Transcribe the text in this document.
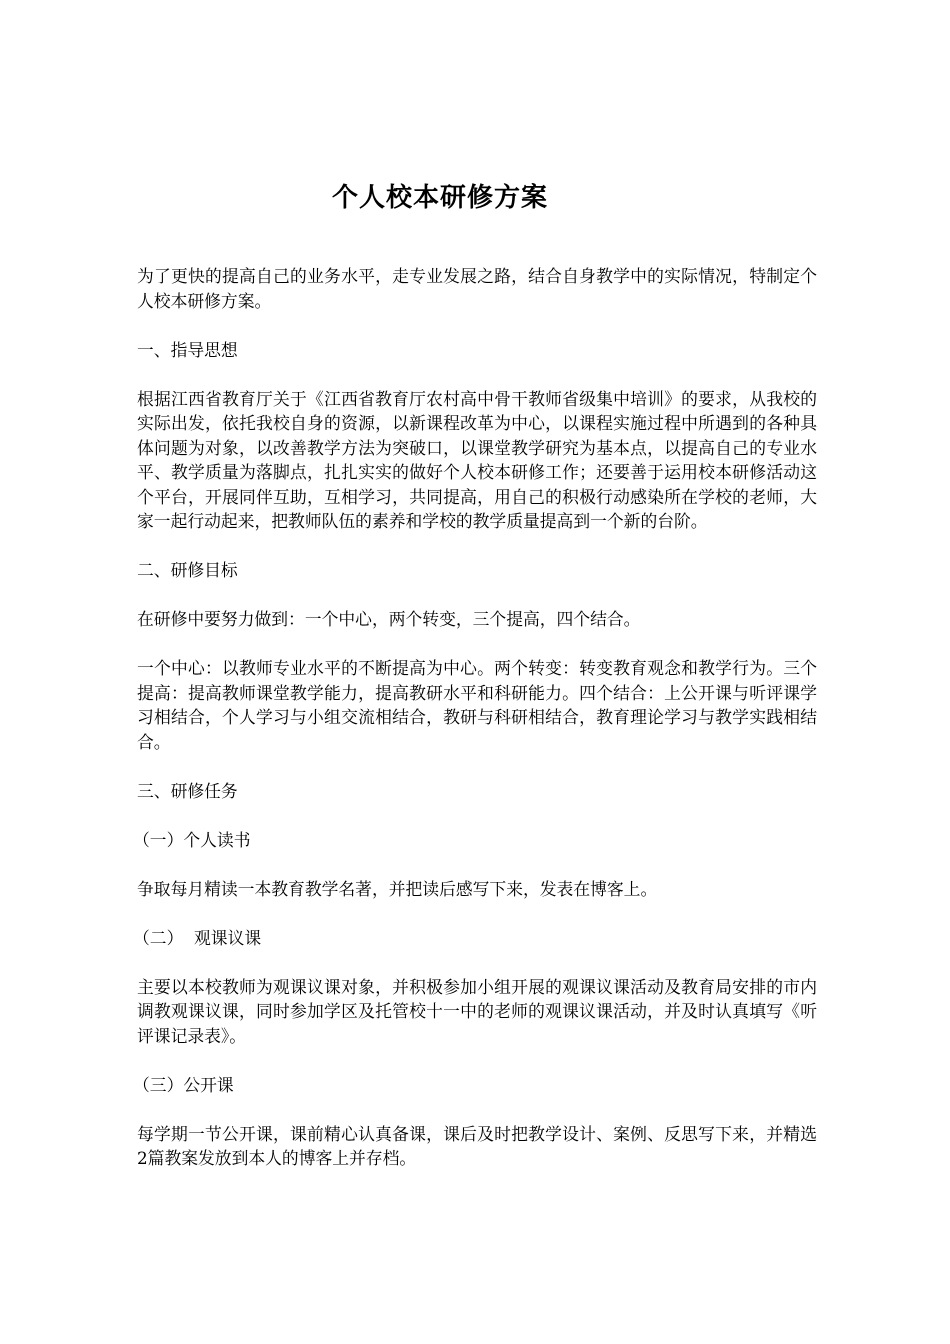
个人校本研修方案

为了更快的提高自己的业务水平，走专业发展之路，结合自身教学中的实际情况，特制定个人校本研修方案。

一、指导思想

根据江西省教育厅关于《江西省教育厅农村高中骨干教师省级集中培训》的要求，从我校的实际出发，依托我校自身的资源，以新课程改革为中心，以课程实施过程中所遇到的各种具体问题为对象，以改善教学方法为突破口，以课堂教学研究为基本点，以提高自己的专业水平、教学质量为落脚点，扎扎实实的做好个人校本研修工作；还要善于运用校本研修活动这个平台，开展同伴互助，互相学习，共同提高，用自己的积极行动感染所在学校的老师，大家一起行动起来，把教师队伍的素养和学校的教学质量提高到一个新的台阶。

二、研修目标

在研修中要努力做到：一个中心，两个转变，三个提高，四个结合。

一个中心：以教师专业水平的不断提高为中心。两个转变：转变教育观念和教学行为。三个提高：提高教师课堂教学能力，提高教研水平和科研能力。四个结合：上公开课与听评课学习相结合，个人学习与小组交流相结合，教研与科研相结合，教育理论学习与教学实践相结合。

三、研修任务

（一）个人读书

争取每月精读一本教育教学名著，并把读后感写下来，发表在博客上。

（二）  观课议课

主要以本校教师为观课议课对象，并积极参加小组开展的观课议课活动及教育局安排的市内调教观课议课，同时参加学区及托管校十一中的老师的观课议课活动，并及时认真填写《听评课记录表》。

（三）公开课

每学期一节公开课，课前精心认真备课，课后及时把教学设计、案例、反思写下来，并精选2篇教案发放到本人的博客上并存档。
